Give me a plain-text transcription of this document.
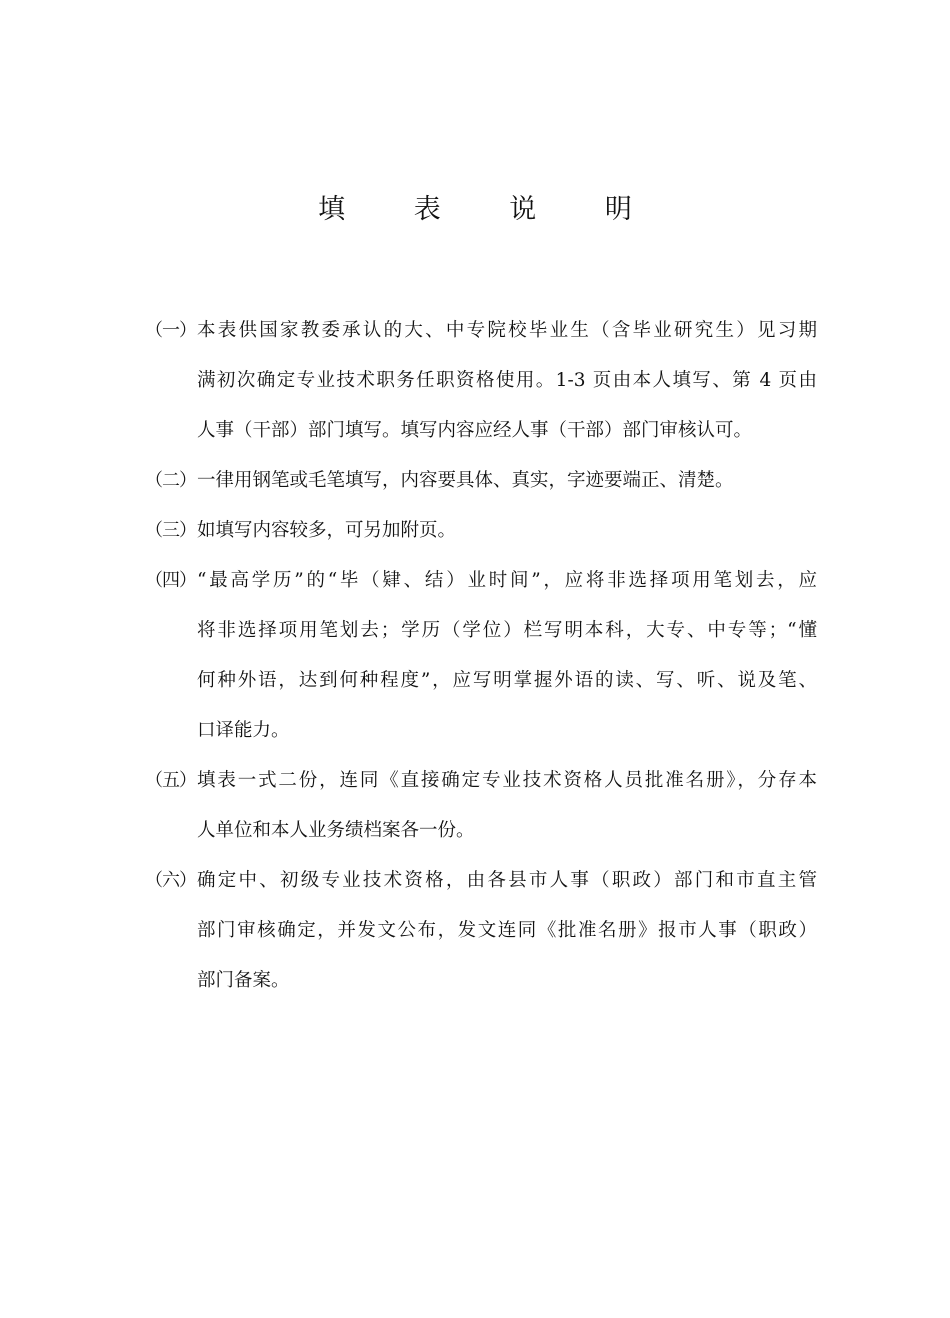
填 表 说 明
（一） 本表供国家教委承认的大、中专院校毕业生（含毕业研究生）见习期
满初次确定专业技术职务任职资格使用。1-3 页由本人填写、第 4 页由
人事（干部）部门填写。填写内容应经人事（干部）部门审核认可。
（二） 一律用钢笔或毛笔填写，内容要具体、真实，字迹要端正、清楚。
（三） 如填写内容较多，可另加附页。
（四） “最高学历”的“毕（肄、结）业时间”，应将非选择项用笔划去，应
将非选择项用笔划去；学历（学位）栏写明本科，大专、中专等；“懂
何种外语，达到何种程度”，应写明掌握外语的读、写、听、说及笔、
口译能力。
（五） 填表一式二份，连同《直接确定专业技术资格人员批准名册》，分存本
人单位和本人业务绩档案各一份。
（六） 确定中、初级专业技术资格，由各县市人事（职政）部门和市直主管
部门审核确定，并发文公布，发文连同《批准名册》报市人事（职政）
部门备案。
